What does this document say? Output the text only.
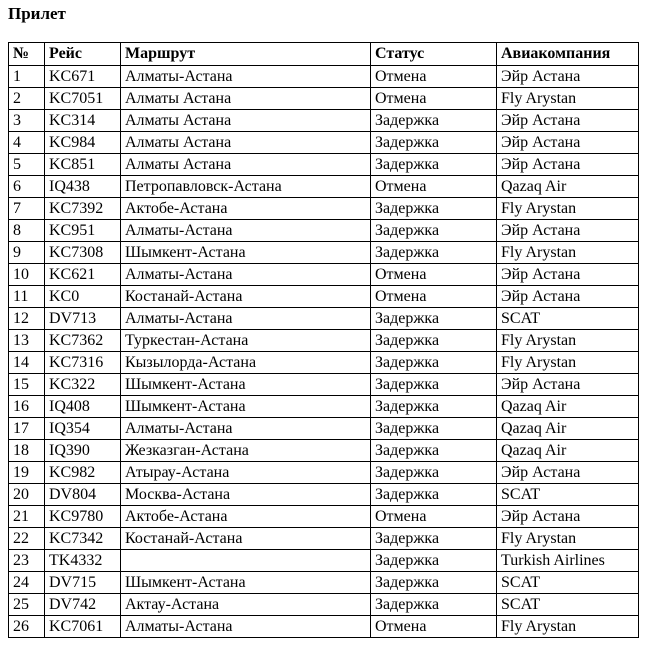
Прилет
№	Рейс	Маршрут	Статус	Авиакомпания
1	KC671	Алматы-Астана	Отмена	Эйр Астана
2	KC7051	Алматы Астана	Отмена	Fly Arystan
3	KC314	Алматы Астана	Задержка	Эйр Астана
4	KC984	Алматы Астана	Задержка	Эйр Астана
5	KC851	Алматы Астана	Задержка	Эйр Астана
6	IQ438	Петропавловск-Астана	Отмена	Qazaq Air
7	KC7392	Актобе-Астана	Задержка	Fly Arystan
8	KC951	Алматы-Астана	Задержка	Эйр Астана
9	KC7308	Шымкент-Астана	Задержка	Fly Arystan
10	KC621	Алматы-Астана	Отмена	Эйр Астана
11	KC0	Костанай-Астана	Отмена	Эйр Астана
12	DV713	Алматы-Астана	Задержка	SCAT
13	KC7362	Туркестан-Астана	Задержка	Fly Arystan
14	KC7316	Кызылорда-Астана	Задержка	Fly Arystan
15	KC322	Шымкент-Астана	Задержка	Эйр Астана
16	IQ408	Шымкент-Астана	Задержка	Qazaq Air
17	IQ354	Алматы-Астана	Задержка	Qazaq Air
18	IQ390	Жезказган-Астана	Задержка	Qazaq Air
19	KC982	Атырау-Астана	Задержка	Эйр Астана
20	DV804	Москва-Астана	Задержка	SCAT
21	KC9780	Актобе-Астана	Отмена	Эйр Астана
22	KC7342	Костанай-Астана	Задержка	Fly Arystan
23	TK4332		Задержка	Turkish Airlines
24	DV715	Шымкент-Астана	Задержка	SCAT
25	DV742	Актау-Астана	Задержка	SCAT
26	KC7061	Алматы-Астана	Отмена	Fly Arystan
